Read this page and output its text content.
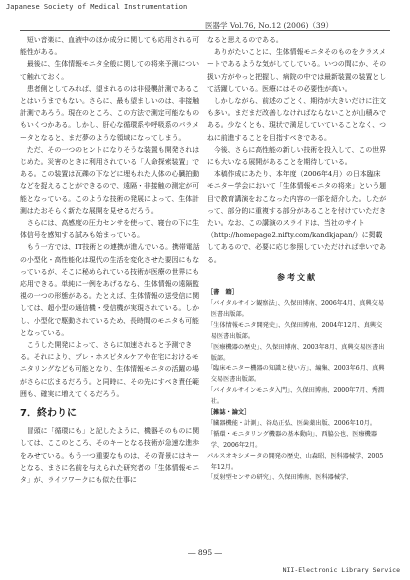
Japanese Society of Medical Instrumentation
医器学 Vol.76, No.12 (2006)（39）

短い音楽に、血液中のほか成分に関しても応用される可能性がある。

最後に、生体情報モニタ全般に関しての将来予測について触れておく。

患者側としてみれば、望まれるのは非侵襲計測であることはいうまでもない。さらに、最も望ましいのは、非接触計測であろう。現在のところ、この方法で測定可能なものもいくつかある。しかし、肝心な循環系や呼吸系のパラメータとなると、まだ夢のような領域になってしまう。

ただ、その一つのヒントになりそうな装置も開発されはじめた。災害のときに利用されている「人命探索装置」である。この装置は瓦礫の下などに埋もれた人体の心臓拍動などを捉えることができるので、遠隔・非接触の測定が可能となっている。このような技術の発展によって、生体計測はたおそらく新たな展開を見せるだろう。

さらには、高感度の圧力センサを使って、寝台の下に生体信号を感知する試みも始まっている。

もう一方では、IT技術との連携が進んでいる。携帯電話の小型化・高性能化は現代の生活を変化させた要因にもなっているが、そこに秘められている技術が医療の世界にも応用できる。単純に一例をあげるなら、生体情報の遠隔監視の一つの形態がある。たとえば、生体情報の送受信に関しては、超小型の通信機・受信機が実現されている。しかし、小型化で駆動されているため、長時間のモニタも可能となっている。

こうした開発によって、さらに加速されると予測できる。それにより、プレ・ホスピタルケアや在宅におけるモニタリングなども可能となり、生体情報モニタの活躍の場がさらに広まるだろう。と同時に、その先にすべき責任範囲も、確実に増えてくるだろう。

7．終わりに

冒頭に「循環にも」と記したように、機器そのものに関しては、ここのところ、そのキーとなる技術が急速な進歩をみせている。もう一つ重要なものは、その背景にはキーとなる、まさに名前を与えられた研究者の「生体情報モニタ」が、ライフワークにも似た仕事に

なると思えるのである。

ありがたいことに、生体情報モニタそのものをクラスメートであるような気がしてしている。いつの間にか、その扱い方がやっと把握し、病院の中では最新装置の装置として活躍している。医療にはその必要性が高い。

しかしながら、前述のごとく、期待が大きいだけに注文も多い。まだまだ改善しなければならないことが山積みである。少なくとも、現状で満足していていることなく、つねに前進することを目指すべきである。

今後、さらに高性能の新しい技術を投入して、この世界にも大いなる展開があることを期待している。

本稿作成にあたり、本年度（2006年4月）の日本臨床モニター学会において「生体情報モニタの将来」という題目で教育講演をおこなった内容の一部を紹介した。したがって、部分的に重複する部分があることを付けていただきたい。なお、この講演のスライドは、当社のサイト（http://homepage2.nifty.com/kandkjapan/）に掲載してあるので、必要に応じ参照していただければ幸いである。

参考文献
［書　籍］
「バイタルサイン観察法」、久保田博南、2006年4月、真興交易医書出版部。
「生体情報モニタ開発史」、久保田博南、2004年12月、真興交易医書出版部。
「医療機器の歴史」、久保田博南、2003年8月、真興交易医書出版部。
「臨床モニター機器の知識と使い方」、編集、2003年6月、真興交易医書出版部。
「バイタルサインモニタ入門」、久保田博南、2000年7月、秀潤社。
［雑誌・論文］
「臓器機能・計測」、谷島正弘、医歯薬出版、2006年10月。
「循環・モニタリング機器の基本動向」、西脇公也、医療機器学、2006年2月。
パルスオキシメータの開発の歴史、山森昭、医科器械学、2005年12月。
「反射型センサの研究」、久保田博南、医科器械学、
― 895 ―
NII-Electronic Library Service
